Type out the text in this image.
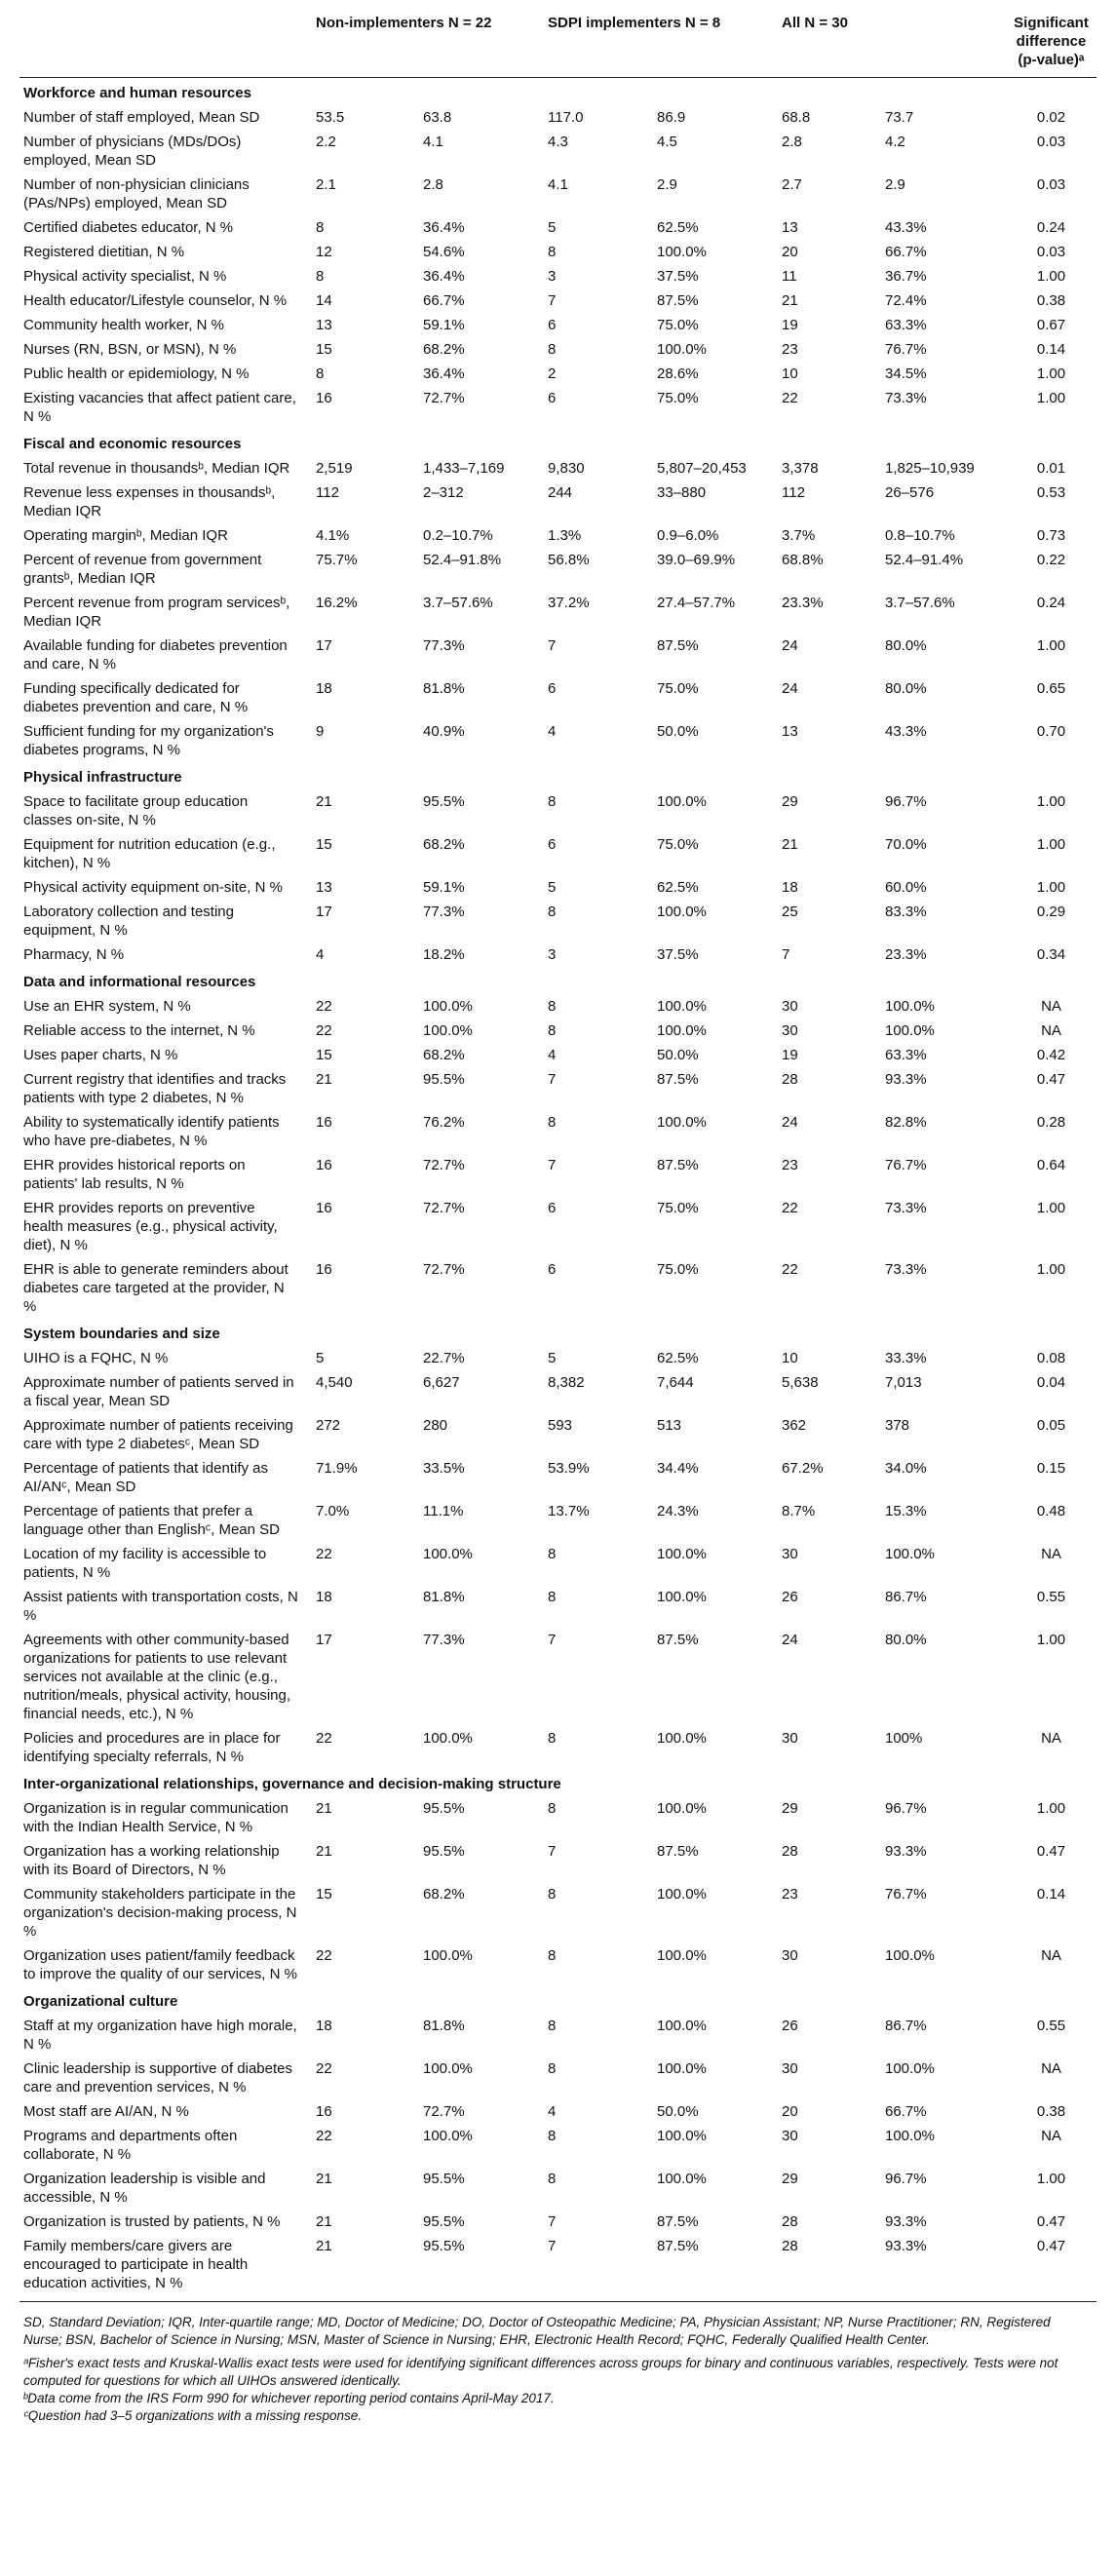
	Non-implementers N = 22		SDPI implementers N = 8		All N = 30		Significant difference (p-value)ᵃ
Workforce and human resources							
Number of staff employed, Mean SD	53.5	63.8	117.0	86.9	68.8	73.7	0.02
Number of physicians (MDs/DOs) employed, Mean SD	2.2	4.1	4.3	4.5	2.8	4.2	0.03
Number of non-physician clinicians (PAs/NPs) employed, Mean SD	2.1	2.8	4.1	2.9	2.7	2.9	0.03
Certified diabetes educator, N %	8	36.4%	5	62.5%	13	43.3%	0.24
Registered dietitian, N %	12	54.6%	8	100.0%	20	66.7%	0.03
Physical activity specialist, N %	8	36.4%	3	37.5%	11	36.7%	1.00
Health educator/Lifestyle counselor, N %	14	66.7%	7	87.5%	21	72.4%	0.38
Community health worker, N %	13	59.1%	6	75.0%	19	63.3%	0.67
Nurses (RN, BSN, or MSN), N %	15	68.2%	8	100.0%	23	76.7%	0.14
Public health or epidemiology, N %	8	36.4%	2	28.6%	10	34.5%	1.00
Existing vacancies that affect patient care, N %	16	72.7%	6	75.0%	22	73.3%	1.00
Fiscal and economic resources							
Total revenue in thousandsᵇ, Median IQR	2,519	1,433–7,169	9,830	5,807–20,453	3,378	1,825–10,939	0.01
Revenue less expenses in thousandsᵇ, Median IQR	112	2–312	244	33–880	112	26–576	0.53
Operating marginᵇ, Median IQR	4.1%	0.2–10.7%	1.3%	0.9–6.0%	3.7%	0.8–10.7%	0.73
Percent of revenue from government grantsᵇ, Median IQR	75.7%	52.4–91.8%	56.8%	39.0–69.9%	68.8%	52.4–91.4%	0.22
Percent revenue from program servicesᵇ, Median IQR	16.2%	3.7–57.6%	37.2%	27.4–57.7%	23.3%	3.7–57.6%	0.24
Available funding for diabetes prevention and care, N %	17	77.3%	7	87.5%	24	80.0%	1.00
Funding specifically dedicated for diabetes prevention and care, N %	18	81.8%	6	75.0%	24	80.0%	0.65
Sufficient funding for my organization's diabetes programs, N %	9	40.9%	4	50.0%	13	43.3%	0.70
Physical infrastructure							
Space to facilitate group education classes on-site, N %	21	95.5%	8	100.0%	29	96.7%	1.00
Equipment for nutrition education (e.g., kitchen), N %	15	68.2%	6	75.0%	21	70.0%	1.00
Physical activity equipment on-site, N %	13	59.1%	5	62.5%	18	60.0%	1.00
Laboratory collection and testing equipment, N %	17	77.3%	8	100.0%	25	83.3%	0.29
Pharmacy, N %	4	18.2%	3	37.5%	7	23.3%	0.34
Data and informational resources							
Use an EHR system, N %	22	100.0%	8	100.0%	30	100.0%	NA
Reliable access to the internet, N %	22	100.0%	8	100.0%	30	100.0%	NA
Uses paper charts, N %	15	68.2%	4	50.0%	19	63.3%	0.42
Current registry that identifies and tracks patients with type 2 diabetes, N %	21	95.5%	7	87.5%	28	93.3%	0.47
Ability to systematically identify patients who have pre-diabetes, N %	16	76.2%	8	100.0%	24	82.8%	0.28
EHR provides historical reports on patients' lab results, N %	16	72.7%	7	87.5%	23	76.7%	0.64
EHR provides reports on preventive health measures (e.g., physical activity, diet), N %	16	72.7%	6	75.0%	22	73.3%	1.00
EHR is able to generate reminders about diabetes care targeted at the provider, N %	16	72.7%	6	75.0%	22	73.3%	1.00
System boundaries and size							
UIHO is a FQHC, N %	5	22.7%	5	62.5%	10	33.3%	0.08
Approximate number of patients served in a fiscal year, Mean SD	4,540	6,627	8,382	7,644	5,638	7,013	0.04
Approximate number of patients receiving care with type 2 diabetesᶜ, Mean SD	272	280	593	513	362	378	0.05
Percentage of patients that identify as AI/ANᶜ, Mean SD	71.9%	33.5%	53.9%	34.4%	67.2%	34.0%	0.15
Percentage of patients that prefer a language other than Englishᶜ, Mean SD	7.0%	11.1%	13.7%	24.3%	8.7%	15.3%	0.48
Location of my facility is accessible to patients, N %	22	100.0%	8	100.0%	30	100.0%	NA
Assist patients with transportation costs, N %	18	81.8%	8	100.0%	26	86.7%	0.55
Agreements with other community-based organizations for patients to use relevant services not available at the clinic (e.g., nutrition/meals, physical activity, housing, financial needs, etc.), N %	17	77.3%	7	87.5%	24	80.0%	1.00
Policies and procedures are in place for identifying specialty referrals, N %	22	100.0%	8	100.0%	30	100%	NA
Inter-organizational relationships, governance and decision-making structure							
Organization is in regular communication with the Indian Health Service, N %	21	95.5%	8	100.0%	29	96.7%	1.00
Organization has a working relationship with its Board of Directors, N %	21	95.5%	7	87.5%	28	93.3%	0.47
Community stakeholders participate in the organization's decision-making process, N %	15	68.2%	8	100.0%	23	76.7%	0.14
Organization uses patient/family feedback to improve the quality of our services, N %	22	100.0%	8	100.0%	30	100.0%	NA
Organizational culture							
Staff at my organization have high morale, N %	18	81.8%	8	100.0%	26	86.7%	0.55
Clinic leadership is supportive of diabetes care and prevention services, N %	22	100.0%	8	100.0%	30	100.0%	NA
Most staff are AI/AN, N %	16	72.7%	4	50.0%	20	66.7%	0.38
Programs and departments often collaborate, N %	22	100.0%	8	100.0%	30	100.0%	NA
Organization leadership is visible and accessible, N %	21	95.5%	8	100.0%	29	96.7%	1.00
Organization is trusted by patients, N %	21	95.5%	7	87.5%	28	93.3%	0.47
Family members/care givers are encouraged to participate in health education activities, N %	21	95.5%	7	87.5%	28	93.3%	0.47

SD, Standard Deviation; IQR, Inter-quartile range; MD, Doctor of Medicine; DO, Doctor of Osteopathic Medicine; PA, Physician Assistant; NP, Nurse Practitioner; RN, Registered Nurse; BSN, Bachelor of Science in Nursing; MSN, Master of Science in Nursing; EHR, Electronic Health Record; FQHC, Federally Qualified Health Center.

ᵃFisher's exact tests and Kruskal-Wallis exact tests were used for identifying significant differences across groups for binary and continuous variables, respectively. Tests were not computed for questions for which all UIHOs answered identically.

ᵇData come from the IRS Form 990 for whichever reporting period contains April-May 2017.

ᶜQuestion had 3–5 organizations with a missing response.
